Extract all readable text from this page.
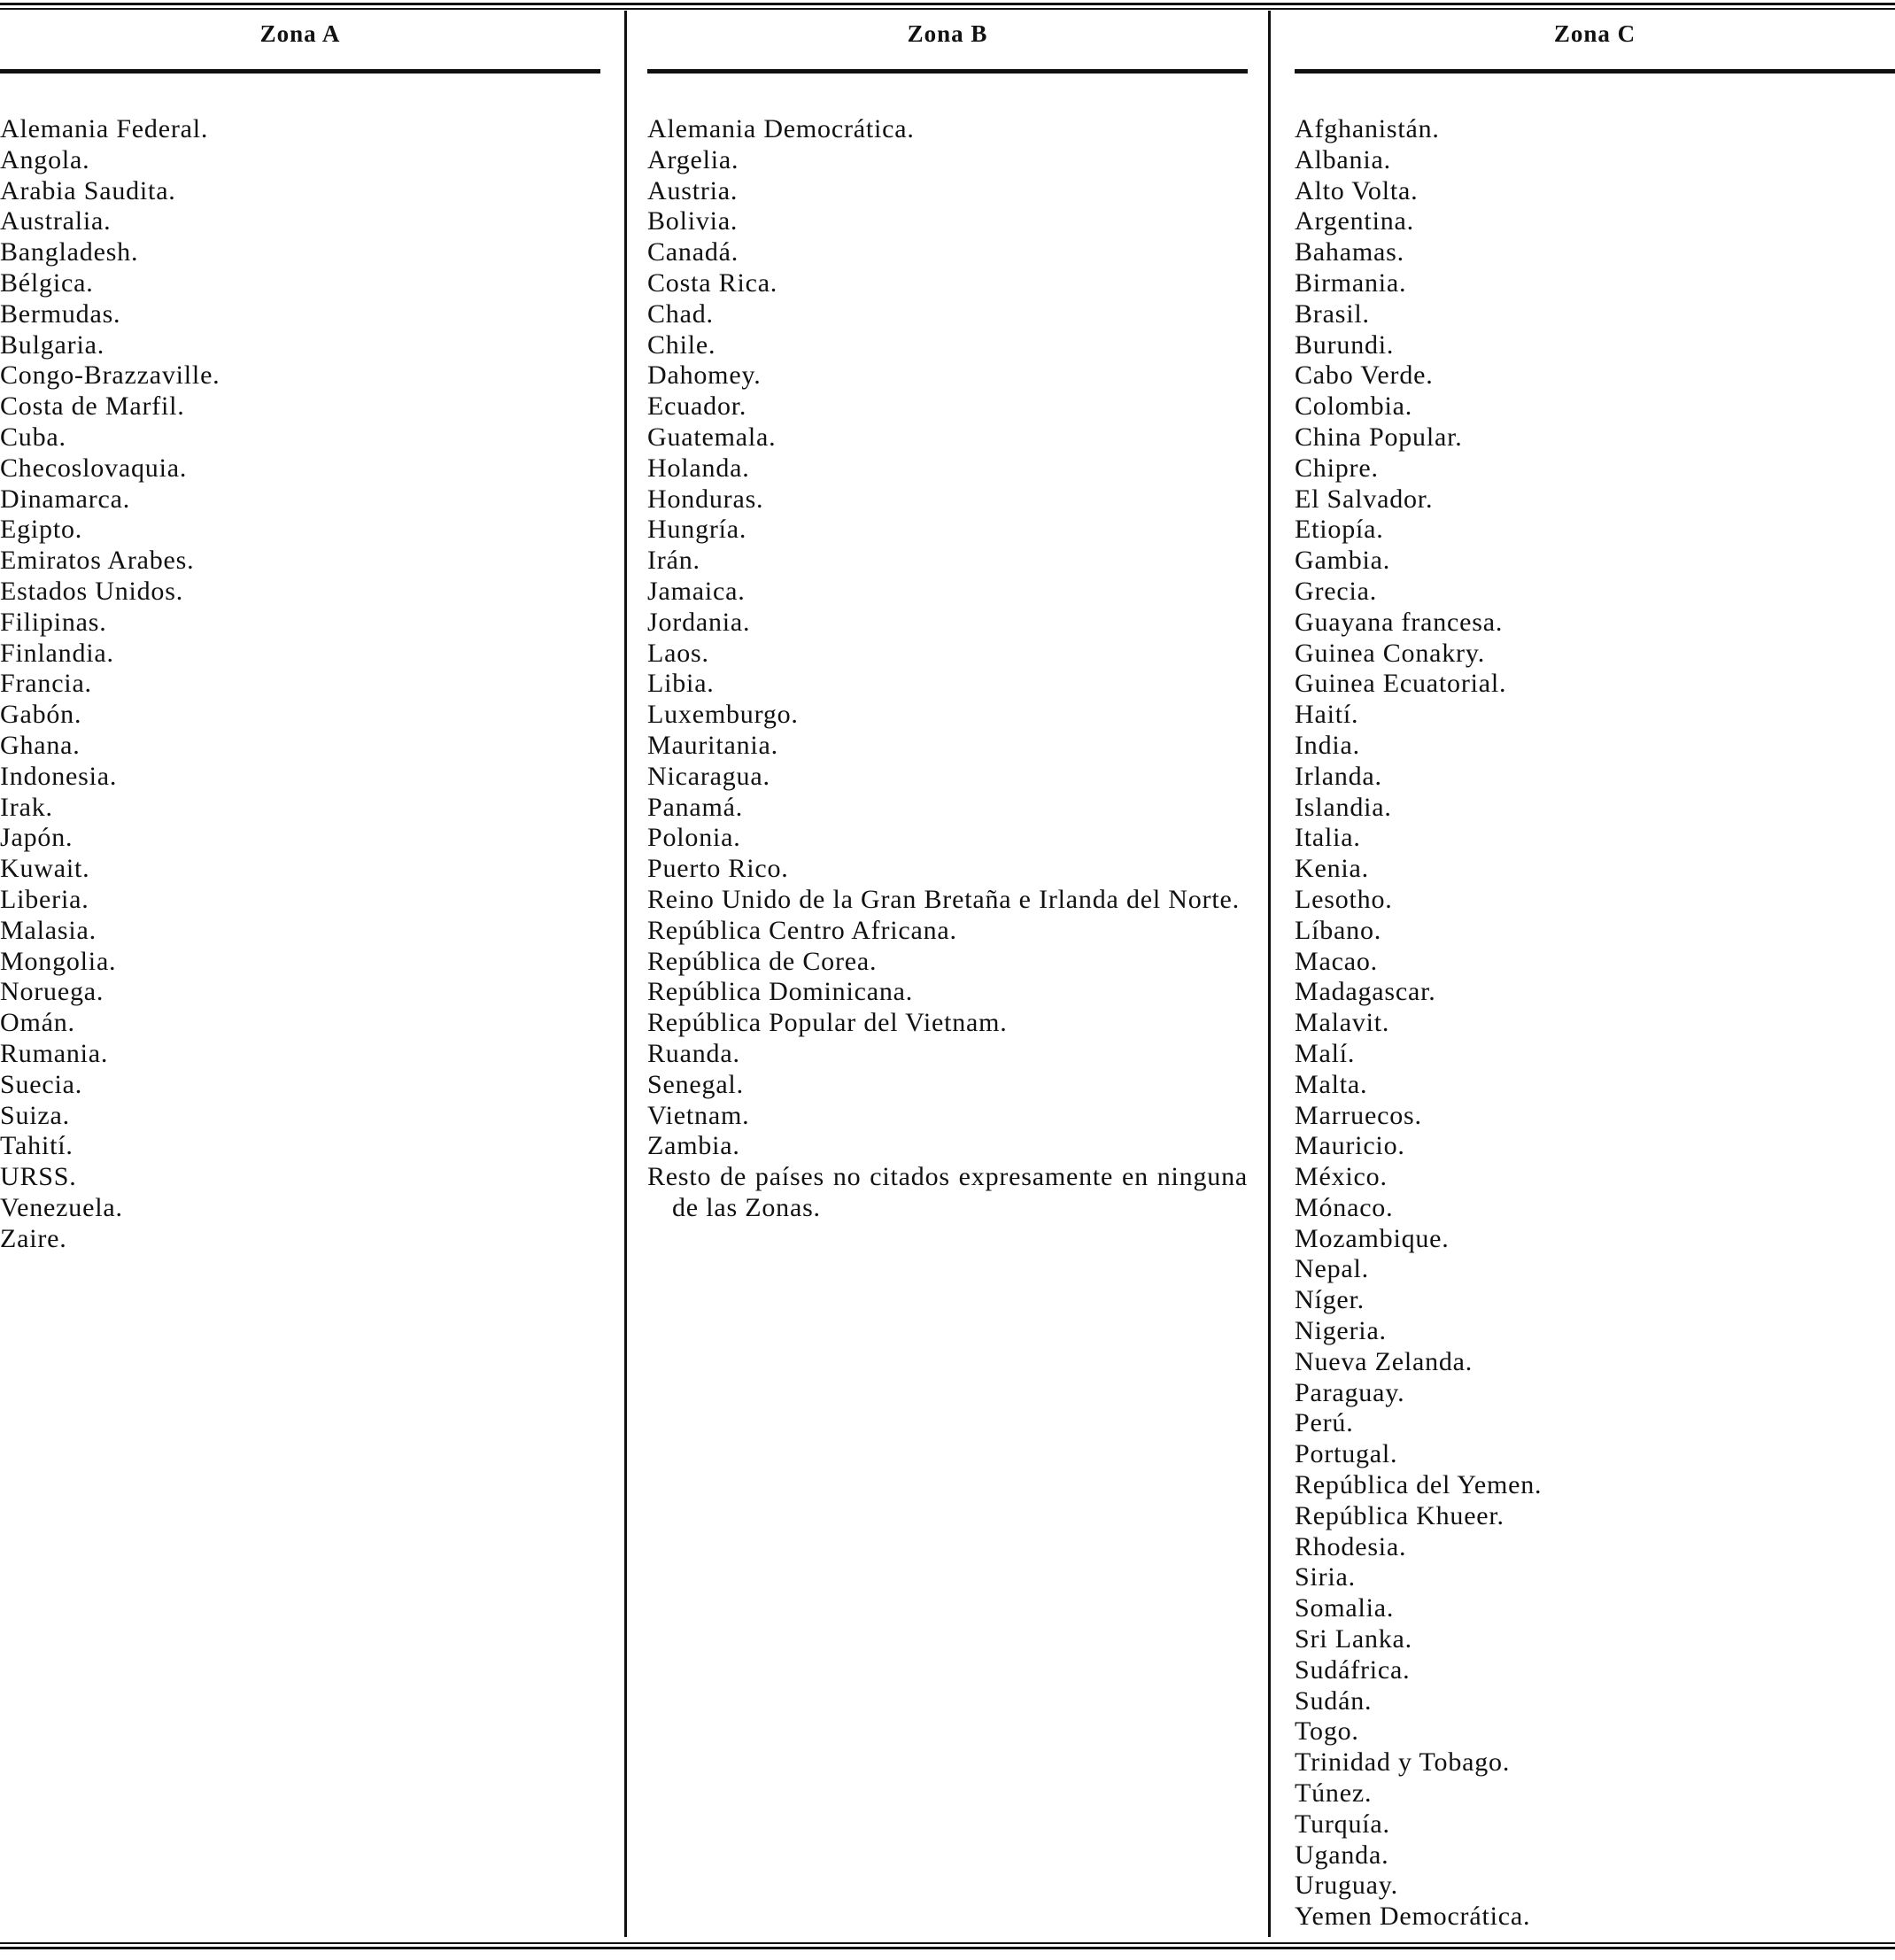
Zona A
Alemania Federal.
Angola.
Arabia Saudita.
Australia.
Bangladesh.
Bélgica.
Bermudas.
Bulgaria.
Congo-Brazzaville.
Costa de Marfil.
Cuba.
Checoslovaquia.
Dinamarca.
Egipto.
Emiratos Arabes.
Estados Unidos.
Filipinas.
Finlandia.
Francia.
Gabón.
Ghana.
Indonesia.
Irak.
Japón.
Kuwait.
Liberia.
Malasia.
Mongolia.
Noruega.
Omán.
Rumania.
Suecia.
Suiza.
Tahití.
URSS.
Venezuela.
Zaire.
Zona B
Alemania Democrática.
Argelia.
Austria.
Bolivia.
Canadá.
Costa Rica.
Chad.
Chile.
Dahomey.
Ecuador.
Guatemala.
Holanda.
Honduras.
Hungría.
Irán.
Jamaica.
Jordania.
Laos.
Libia.
Luxemburgo.
Mauritania.
Nicaragua.
Panamá.
Polonia.
Puerto Rico.
Reino Unido de la Gran Bretaña e Irlanda del Norte.
República Centro Africana.
República de Corea.
República Dominicana.
República Popular del Vietnam.
Ruanda.
Senegal.
Vietnam.
Zambia.
Resto de países no citados expresamente en ninguna de las Zonas.
Zona C
Afghanistán.
Albania.
Alto Volta.
Argentina.
Bahamas.
Birmania.
Brasil.
Burundi.
Cabo Verde.
Colombia.
China Popular.
Chipre.
El Salvador.
Etiopía.
Gambia.
Grecia.
Guayana francesa.
Guinea Conakry.
Guinea Ecuatorial.
Haití.
India.
Irlanda.
Islandia.
Italia.
Kenia.
Lesotho.
Líbano.
Macao.
Madagascar.
Malavit.
Malí.
Malta.
Marruecos.
Mauricio.
México.
Mónaco.
Mozambique.
Nepal.
Níger.
Nigeria.
Nueva Zelanda.
Paraguay.
Perú.
Portugal.
República del Yemen.
República Khueer.
Rhodesia.
Siria.
Somalia.
Sri Lanka.
Sudáfrica.
Sudán.
Togo.
Trinidad y Tobago.
Túnez.
Turquía.
Uganda.
Uruguay.
Yemen Democrática.
